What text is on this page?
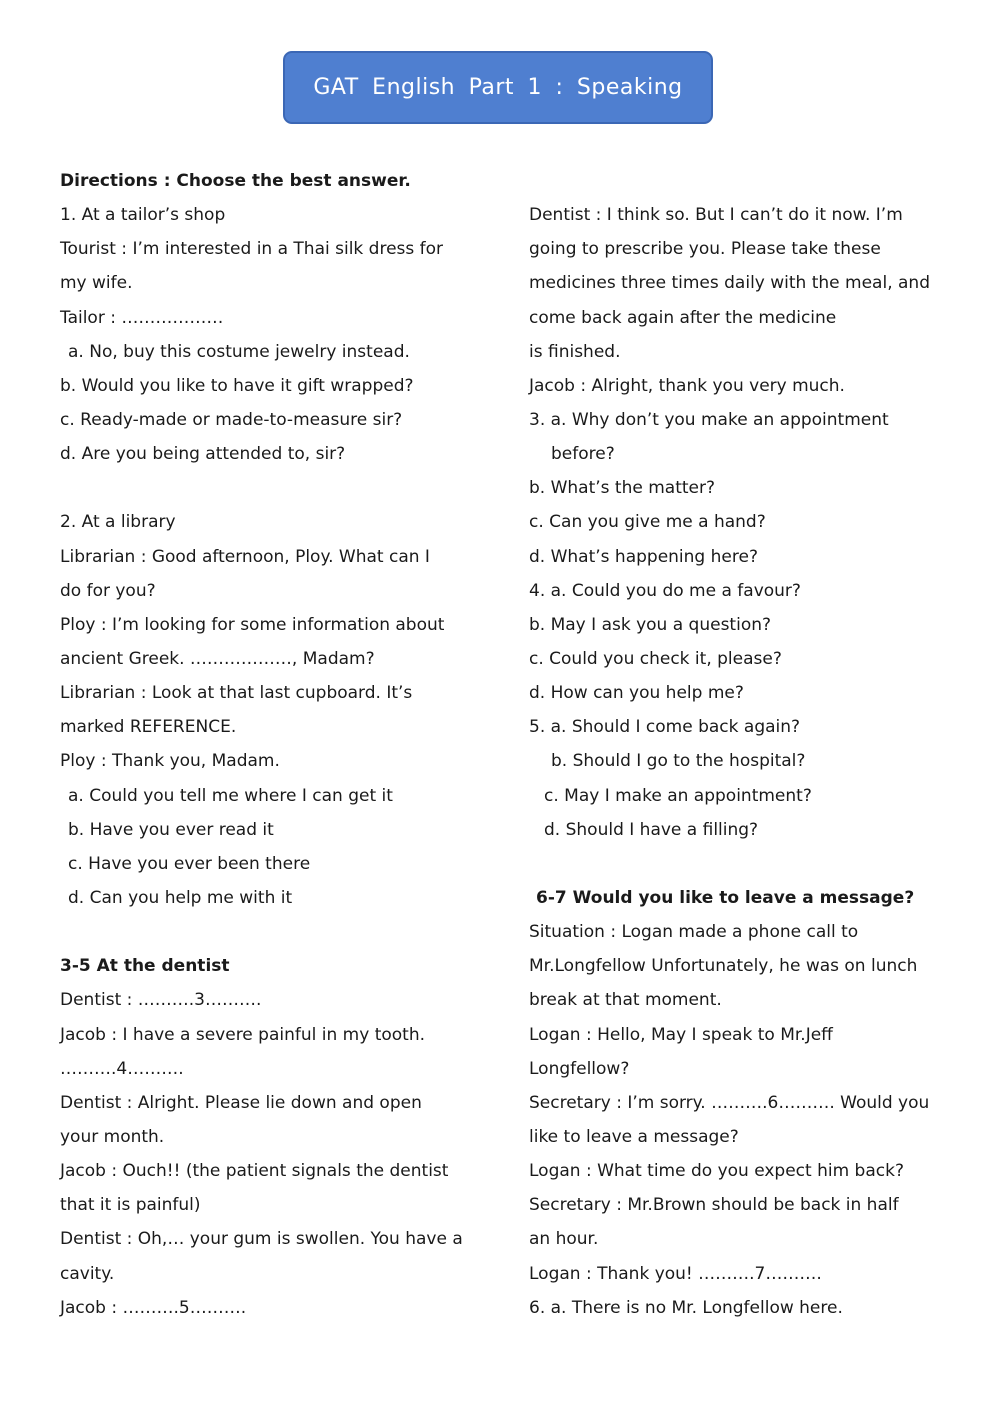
GAT English Part 1 : Speaking
Directions : Choose the best answer.
1. At a tailor’s shop
Tourist : I’m interested in a Thai silk dress for
my wife.
Tailor : ………………
a. No, buy this costume jewelry instead.
b. Would you like to have it gift wrapped?
c. Ready-made or made-to-measure sir?
d. Are you being attended to, sir?
2. At a library
Librarian : Good afternoon, Ploy. What can I
do for you?
Ploy : I’m looking for some information about
ancient Greek. ………………, Madam?
Librarian : Look at that last cupboard. It’s
marked REFERENCE.
Ploy : Thank you, Madam.
a. Could you tell me where I can get it
b. Have you ever read it
c. Have you ever been there
d. Can you help me with it
3-5 At the dentist
Dentist : ……….3……….
Jacob : I have a severe painful in my tooth.
……….4……….
Dentist : Alright. Please lie down and open
your month.
Jacob : Ouch!! (the patient signals the dentist
that it is painful)
Dentist : Oh,… your gum is swollen. You have a
cavity.
Jacob : ……….5……….
Dentist : I think so. But I can’t do it now. I’m
going to prescribe you. Please take these
medicines three times daily with the meal, and
come back again after the medicine
is finished.
Jacob : Alright, thank you very much.
3. a. Why don’t you make an appointment
before?
b. What’s the matter?
c. Can you give me a hand?
d. What’s happening here?
4. a. Could you do me a favour?
b. May I ask you a question?
c. Could you check it, please?
d. How can you help me?
5. a. Should I come back again?
b. Should I go to the hospital?
c. May I make an appointment?
d. Should I have a filling?
6-7 Would you like to leave a message?
Situation : Logan made a phone call to
Mr.Longfellow Unfortunately, he was on lunch
break at that moment.
Logan : Hello, May I speak to Mr.Jeff
Longfellow?
Secretary : I’m sorry. ……….6………. Would you
like to leave a message?
Logan : What time do you expect him back?
Secretary : Mr.Brown should be back in half
an hour.
Logan : Thank you! ……….7……….
6. a. There is no Mr. Longfellow here.
